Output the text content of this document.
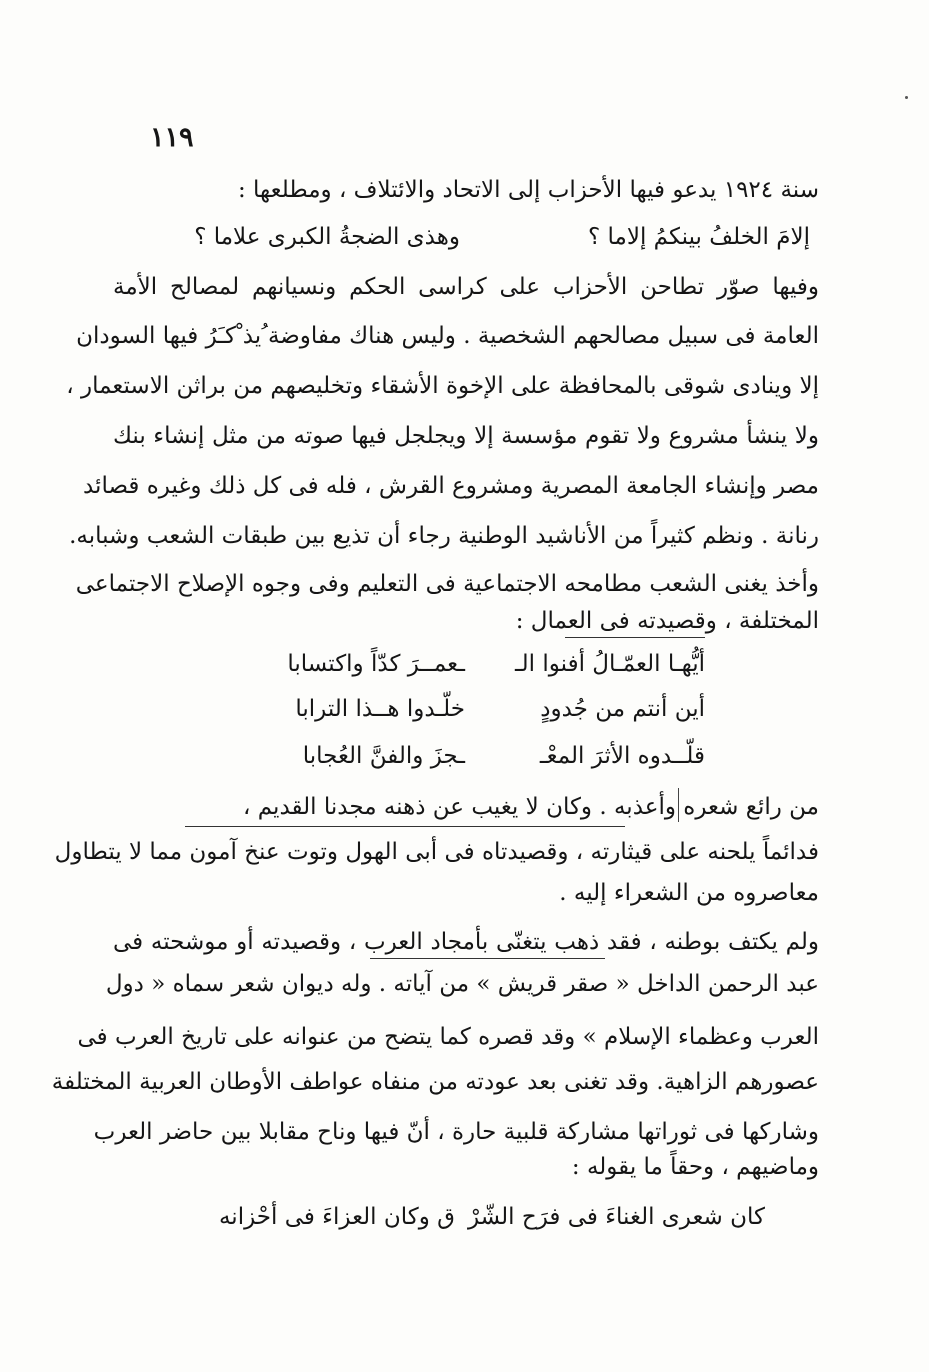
١١٩
سنة ١٩٢٤ يدعو فيها الأحزاب إلى الاتحاد والائتلاف ، ومطلعها :
إلامَ الخلفُ بينكمُ إلاما ؟
وهذى الضجةُ الكبرى علاما ؟
وفيها صوّر تطاحن الأحزاب على كراسى الحكم ونسيانهم لمصالح الأمة
العامة فى سبيل مصالحهم الشخصية . وليس هناك مفاوضة ُيذ ْكـَرُ فيها السودان
إلا وينادى شوقى بالمحافظة على الإخوة الأشقاء وتخليصهم من براثن الاستعمار ،
ولا ينشأ مشروع ولا تقوم مؤسسة إلا ويجلجل فيها صوته من مثل إنشاء بنك
مصر وإنشاء الجامعة المصرية ومشروع القرش ، فله فى كل ذلك وغيره قصائد
رنانة . ونظم كثيراً من الأناشيد الوطنية رجاء أن تذيع بين طبقات الشعب وشبابه.
وأخذ يغنى الشعب مطامحه الاجتماعية فى التعليم وفى وجوه الإصلاح الاجتماعى
المختلفة ، وقصيدته فى العمال :
أيُّهـا العمّـالُ أفنوا الـ
ـعمــرَ كدّاً واكتسابا
أين أنتم من جُدودٍ
خلّـدوا هــذا الترابا
قلّــدوه الأثرَ المعْـ
ـجزَ والفنَّ العُجابا
من رائع شعره وأعذبه . وكان لا يغيب عن ذهنه مجدنا القديم ،
فدائماً يلحنه على قيثارته ، وقصيدتاه فى أبى الهول وتوت عنخ آمون مما لا يتطاول
معاصروه من الشعراء إليه .
ولم يكتف بوطنه ، فقد ذهب يتغنّى بأمجاد العرب ، وقصيدته أو موشحته فى
عبد الرحمن الداخل « صقر قريش » من آياته . وله ديوان شعر سماه « دول
العرب وعظماء الإسلام » وقد قصره كما يتضح من عنوانه على تاريخ العرب فى
عصورهم الزاهية. وقد تغنى بعد عودته من منفاه عواطف الأوطان العربية المختلفة
وشاركها فى ثوراتها مشاركة قلبية حارة ، أنّ فيها وناح مقابلا بين حاضر العرب
وماضيهم ، وحقاً ما يقوله :
كان شعرى الغناءَ فى فرَح الشّرْ
ق وكان العزاءَ فى أحْزانه
